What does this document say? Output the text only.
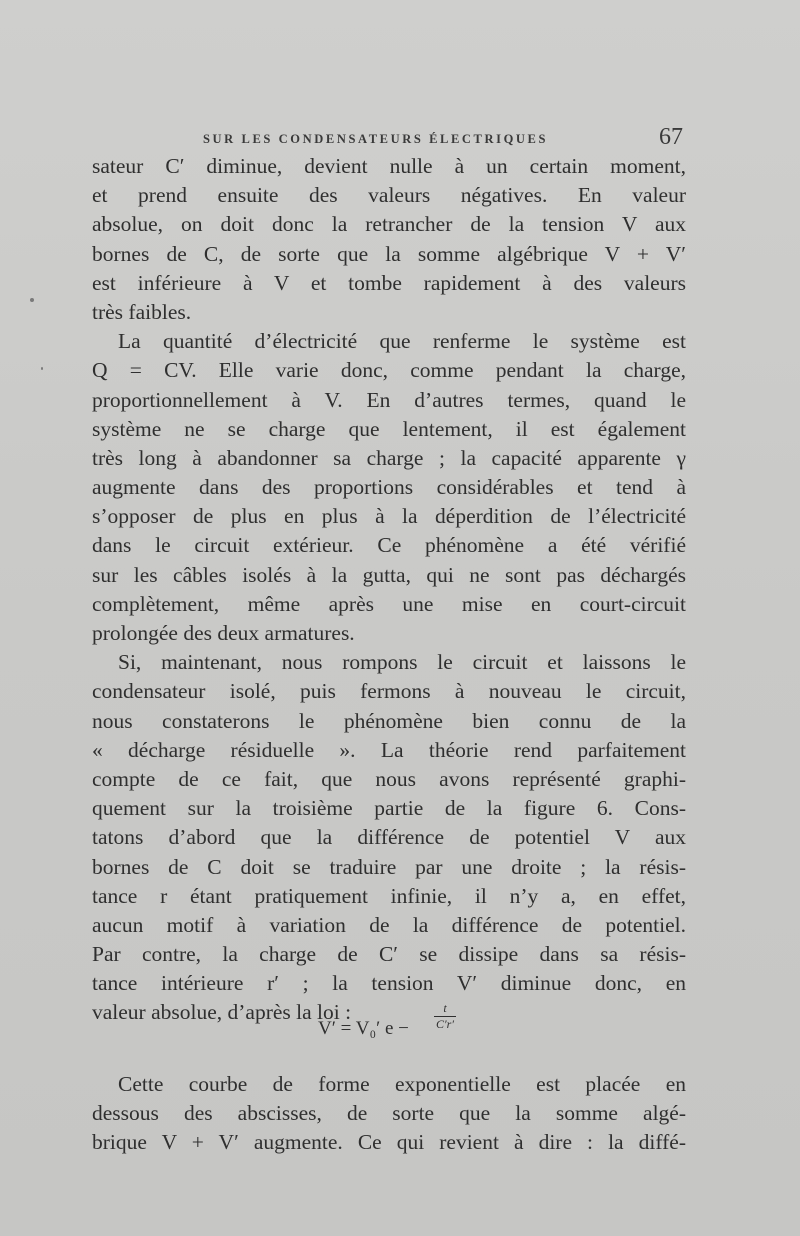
SUR LES CONDENSATEURS ÉLECTRIQUES	67
sateur C′ diminue, devient nulle à un certain moment,
et prend ensuite des valeurs négatives. En valeur
absolue, on doit donc la retrancher de la tension V aux
bornes de C, de sorte que la somme algébrique V + V′
est inférieure à V et tombe rapidement à des valeurs
très faibles.
La quantité d’électricité que renferme le système est
Q = CV. Elle varie donc, comme pendant la charge,
proportionnellement à V. En d’autres termes, quand le
système ne se charge que lentement, il est également
très long à abandonner sa charge ; la capacité apparente γ
augmente dans des proportions considérables et tend à
s’opposer de plus en plus à la déperdition de l’électricité
dans le circuit extérieur. Ce phénomène a été vérifié
sur les câbles isolés à la gutta, qui ne sont pas déchargés
complètement, même après une mise en court-circuit
prolongée des deux armatures.
Si, maintenant, nous rompons le circuit et laissons le
condensateur isolé, puis fermons à nouveau le circuit,
nous constaterons le phénomène bien connu de la
« décharge résiduelle ». La théorie rend parfaitement
compte de ce fait, que nous avons représenté graphi-
quement sur la troisième partie de la figure 6. Cons-
tatons d’abord que la différence de potentiel V aux
bornes de C doit se traduire par une droite ; la résis-
tance r étant pratiquement infinie, il n’y a, en effet,
aucun motif à variation de la différence de potentiel.
Par contre, la charge de C′ se dissipe dans sa résis-
tance intérieure r′ ; la tension V′ diminue donc, en
valeur absolue, d’après la loi :
V′ = V₀′ e −
t
C′r′
Cette courbe de forme exponentielle est placée en
dessous des abscisses, de sorte que la somme algé-
brique V + V′ augmente. Ce qui revient à dire : la diffé-
